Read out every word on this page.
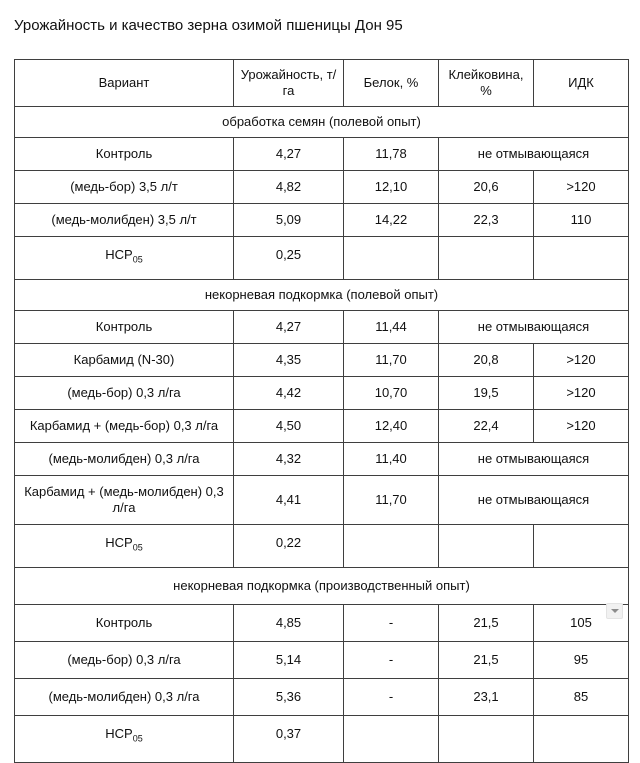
Урожайность и качество зерна озимой пшеницы Дон 95
Вариант	Урожайность, т/га	Белок, %	Клейковина, %	ИДК
обработка семян (полевой опыт)				
Контроль	4,27	11,78	не отмывающаяся	
(медь-бор) 3,5 л/т	4,82	12,10	20,6	>120
(медь-молибден) 3,5 л/т	5,09	14,22	22,3	110
$НСР_{05}$	0,25			
некорневая подкормка (полевой опыт)				
Контроль	4,27	11,44	не отмывающаяся	
Карбамид (N-30)	4,35	11,70	20,8	>120
(медь-бор) 0,3 л/га	4,42	10,70	19,5	>120
Карбамид + (медь-бор) 0,3 л/га	4,50	12,40	22,4	>120
(медь-молибден) 0,3 л/га	4,32	11,40	не отмывающаяся	
Карбамид + (медь-молибден) 0,3 л/га	4,41	11,70	не отмывающаяся	
$НСР_{05}$	0,22			
некорневая подкормка (производственный опыт)				
Контроль	4,85	-	21,5	105
(медь-бор) 0,3 л/га	5,14	-	21,5	95
(медь-молибден) 0,3 л/га	5,36	-	23,1	85
$НСР_{05}$	0,37			
